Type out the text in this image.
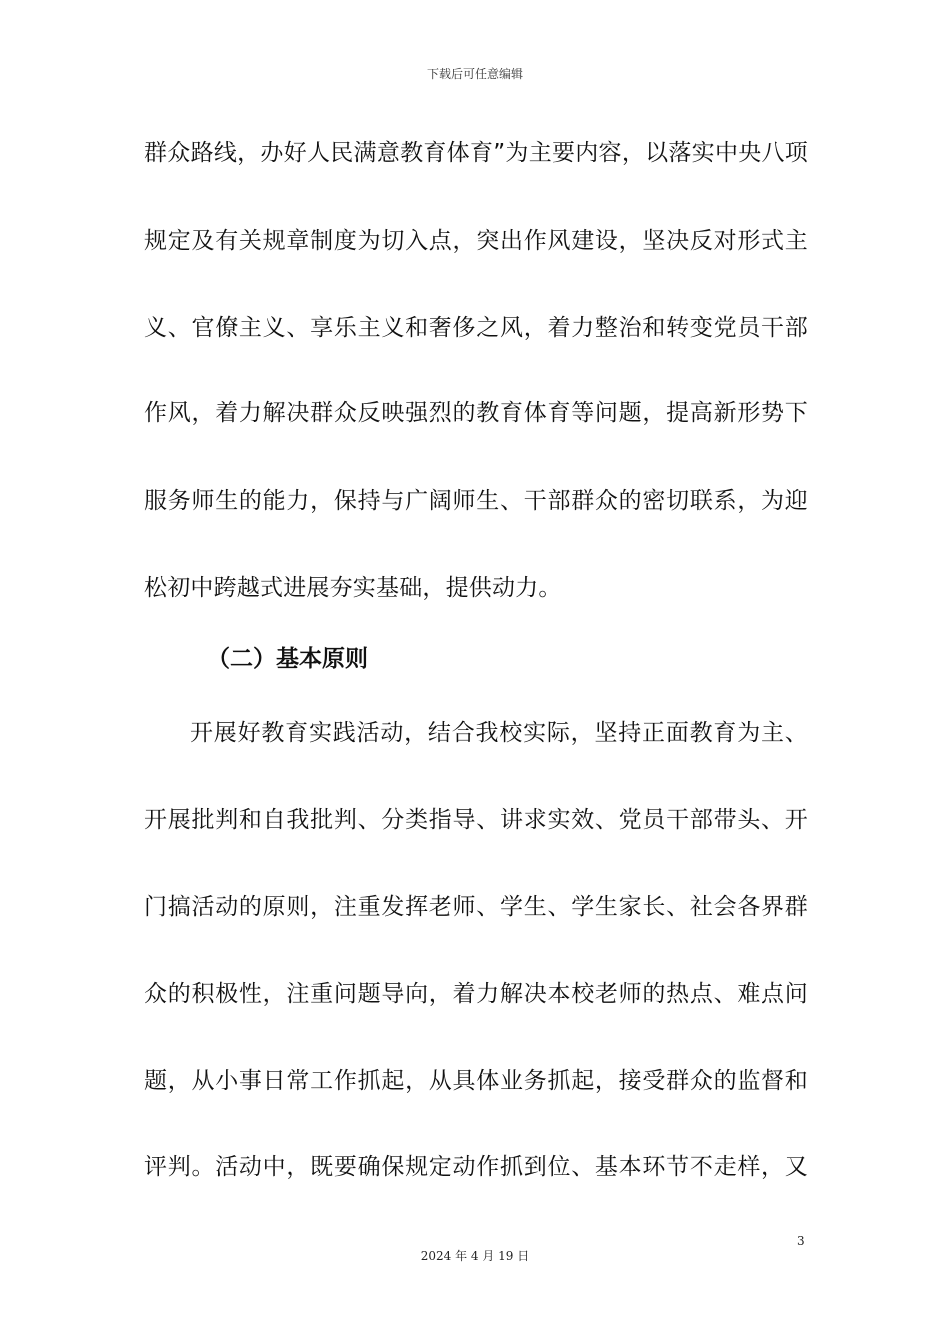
下载后可任意编辑
群众路线，办好人民满意教育体育”为主要内容，以落实中央八项
规定及有关规章制度为切入点，突出作风建设，坚决反对形式主
义、官僚主义、享乐主义和奢侈之风，着力整治和转变党员干部
作风，着力解决群众反映强烈的教育体育等问题，提高新形势下
服务师生的能力，保持与广阔师生、干部群众的密切联系，为迎
松初中跨越式进展夯实基础，提供动力。
（二）基本原则
开展好教育实践活动，结合我校实际，坚持正面教育为主、
开展批判和自我批判、分类指导、讲求实效、党员干部带头、开
门搞活动的原则，注重发挥老师、学生、学生家长、社会各界群
众的积极性，注重问题导向，着力解决本校老师的热点、难点问
题，从小事日常工作抓起，从具体业务抓起，接受群众的监督和
评判。活动中，既要确保规定动作抓到位、基本环节不走样，又
3
2024 年 4 月 19 日
